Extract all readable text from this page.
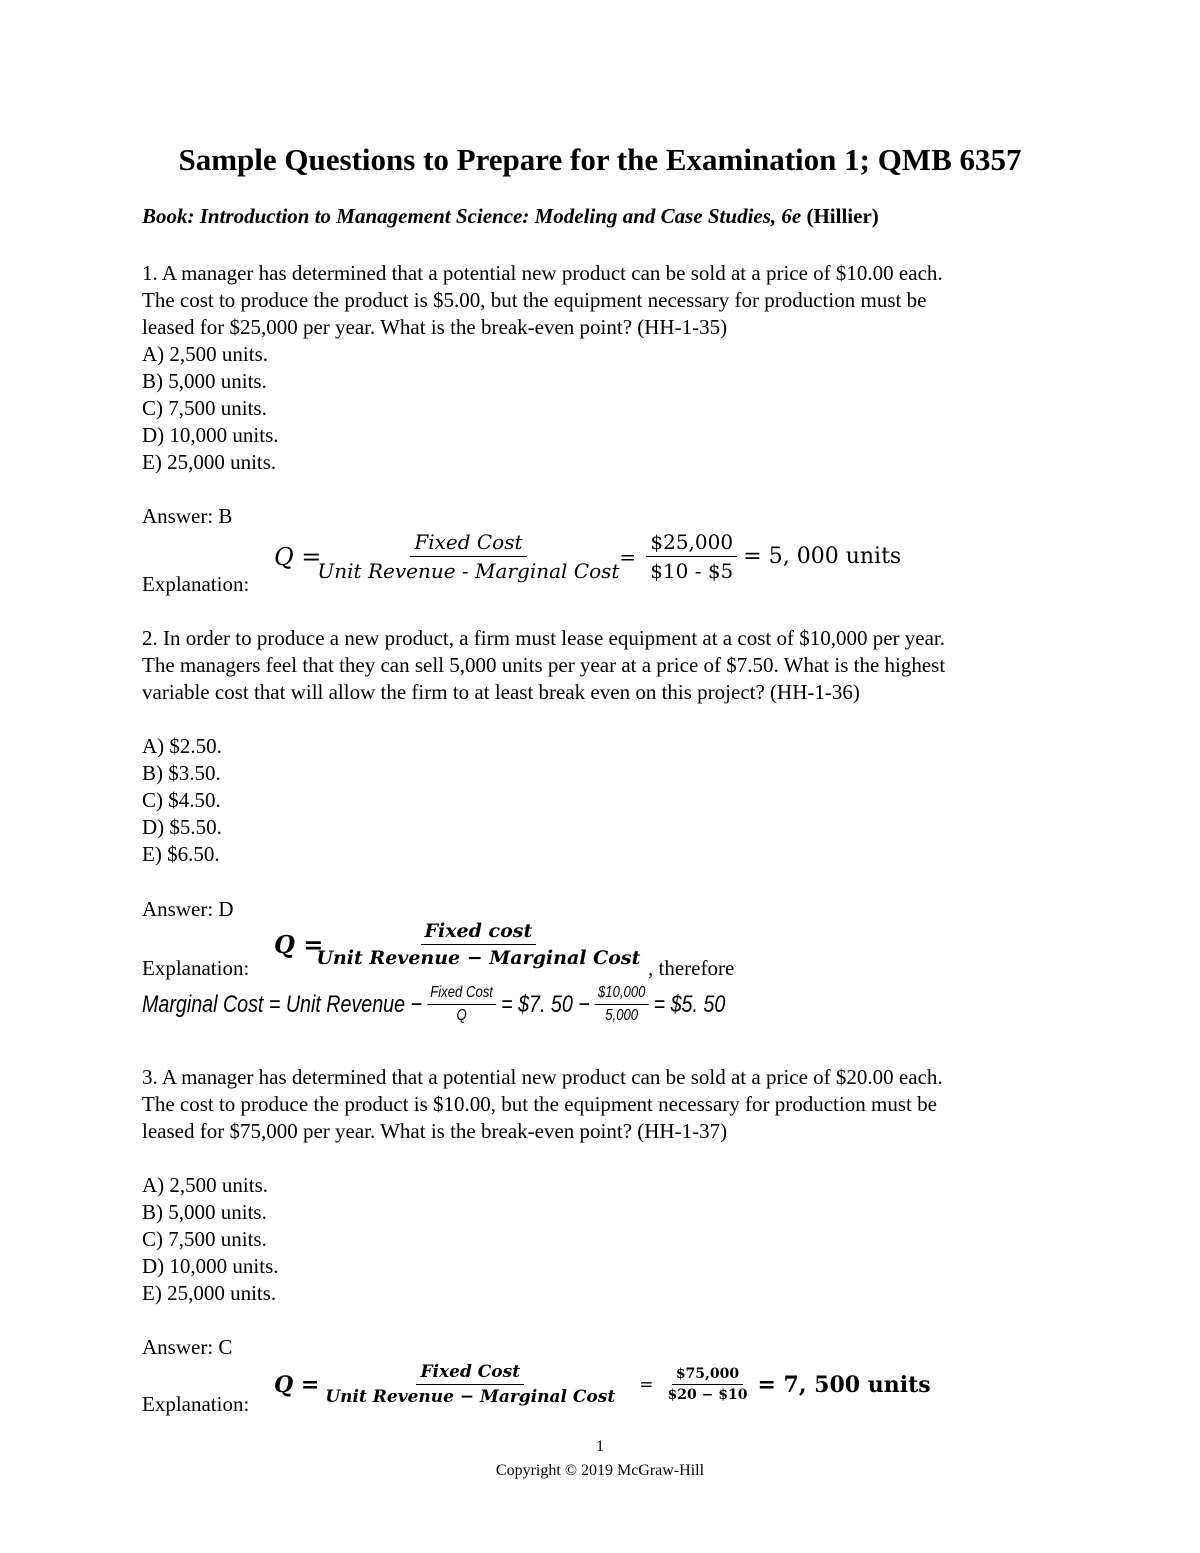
Sample Questions to Prepare for the Examination 1; QMB 6357
Book: Introduction to Management Science: Modeling and Case Studies, 6e (Hillier)
1. A manager has determined that a potential new product can be sold at a price of $10.00 each.
The cost to produce the product is $5.00, but the equipment necessary for production must be
leased for $25,000 per year. What is the break-even point? (HH-1-35)
A) 2,500 units.
B) 5,000 units.
C) 7,500 units.
D) 10,000 units.
E) 25,000 units.
Answer: B
Explanation:
$Q = \frac{\text{Fixed Cost}}{\text{Unit Revenue - Marginal Cost}} = \frac{\$25,000}{\$10 - \$5} = 5$, 000 units
2. In order to produce a new product, a firm must lease equipment at a cost of $10,000 per year.
The managers feel that they can sell 5,000 units per year at a price of $7.50. What is the highest
variable cost that will allow the firm to at least break even on this project? (HH-1-36)
A) $2.50.
B) $3.50.
C) $4.50.
D) $5.50.
E) $6.50.
Answer: D
Explanation:
$Q = \frac{\text{Fixed cost}}{\text{Unit Revenue − Marginal Cost}}$ , therefore
Marginal Cost = Unit Revenue − $\frac{\text{Fixed Cost}}{Q}$ = $7. $50 - \frac{\$10,000}{5,000}$ = $5. 50
3. A manager has determined that a potential new product can be sold at a price of $20.00 each.
The cost to produce the product is $10.00, but the equipment necessary for production must be
leased for $75,000 per year. What is the break-even point? (HH-1-37)
A) 2,500 units.
B) 5,000 units.
C) 7,500 units.
D) 10,000 units.
E) 25,000 units.
Answer: C
Explanation:
$Q = \frac{\text{Fixed Cost}}{\text{Unit Revenue − Marginal Cost}} = \frac{\$75,000}{\$20 - \$10} = 7$, 500 units
1
Copyright © 2019 McGraw-Hill
